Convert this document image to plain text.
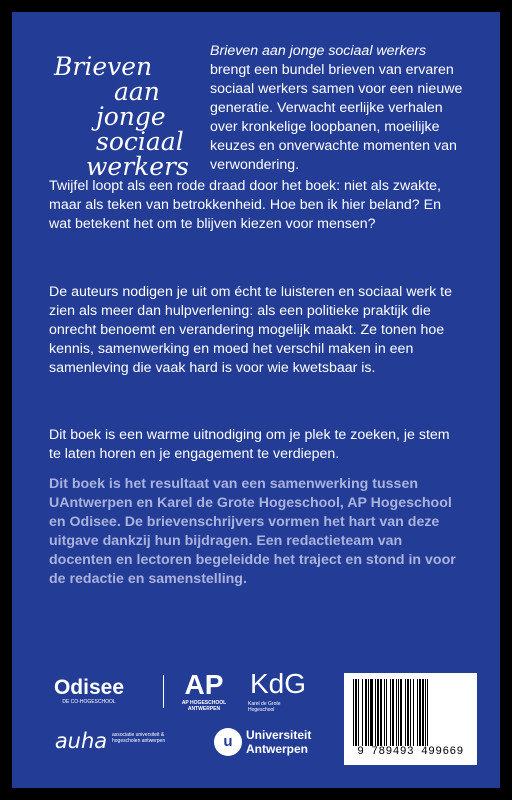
Brieven
aan
jonge sociaal
werkers
Brieven aan jonge sociaal werkers brengt een bundel brieven van ervaren sociaal werkers samen voor een nieuwe generatie. Verwacht eerlijke verhalen over kronkelige loopbanen, moeilijke keuzes en onverwachte momenten van verwondering.
Twijfel loopt als een rode draad door het boek: niet als zwakte, maar als teken van betrokkenheid. Hoe ben ik hier beland? En wat betekent het om te blijven kiezen voor mensen?
De auteurs nodigen je uit om écht te luisteren en sociaal werk te zien als meer dan hulpverlening: als een politieke praktijk die onrecht benoemt en verandering mogelijk maakt. Ze tonen hoe kennis, samenwerking en moed het verschil maken in een samenleving die vaak hard is voor wie kwetsbaar is.
Dit boek is een warme uitnodiging om je plek te zoeken, je stem te laten horen en je engagement te verdiepen.
Dit boek is het resultaat van een samenwerking tussen UAntwerpen en Karel de Grote Hogeschool, AP Hogeschool en Odisee. De brievenschrijvers vormen het hart van deze uitgave dankzij hun bijdragen. Een redactieteam van docenten en lectoren begeleidde het traject en stond in voor de redactie en samenstelling.
Odisee
DE CO-HOGESCHOOL
AP
AP HOGESCHOOL ANTWERPEN
KdG
Karel de Grote Hogeschool
auha associatie universiteit & hogescholen antwerpen	u	Universiteit Antwerpen	9 789493 499669
